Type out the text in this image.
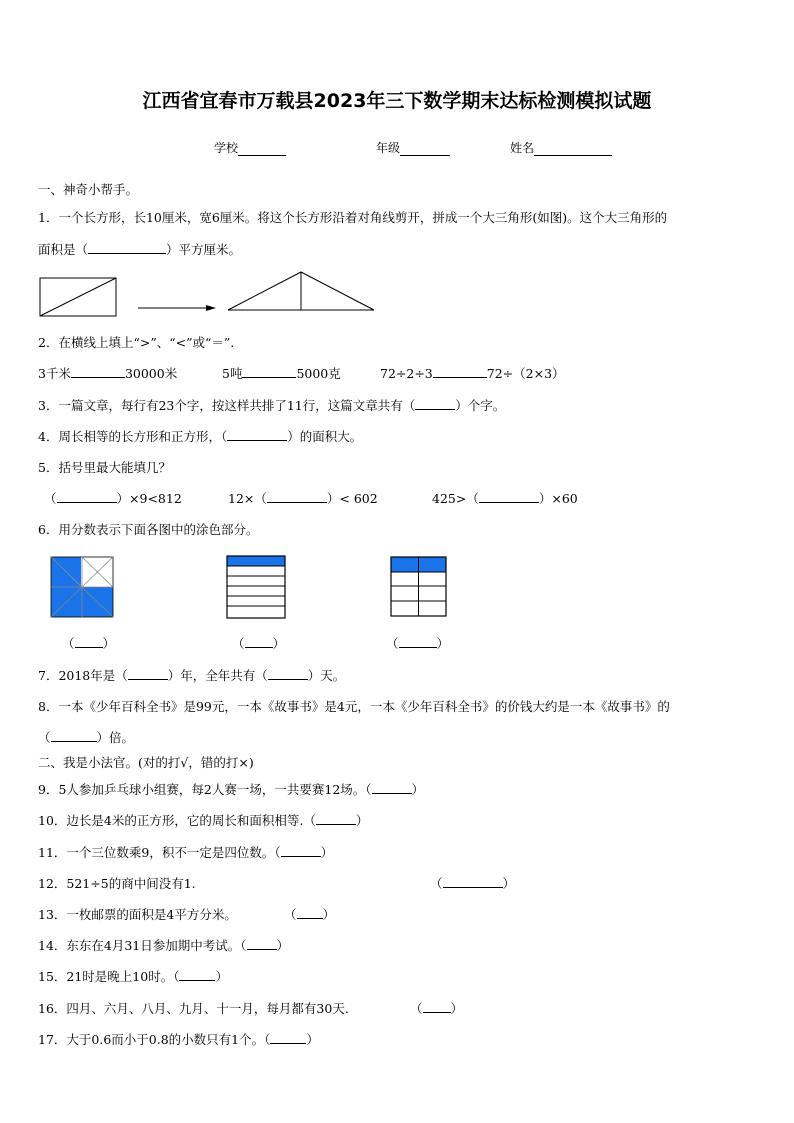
江西省宜春市万载县2023年三下数学期末达标检测模拟试题
学校	年级	姓名
一、神奇小帮手。
1．一个长方形，长10厘米，宽6厘米。将这个长方形沿着对角线剪开，拼成一个大三角形(如图)。这个大三角形的
面积是（	）平方厘米。
2．在横线上填上“>”、“<”或“＝”.
3千米	30000米	5吨	5000克	72÷2÷3	72÷（2×3）
3．一篇文章，每行有23个字，按这样共排了11行，这篇文章共有（	）个字。
4．周长相等的长方形和正方形，（	）的面积大。
5．括号里最大能填几？
（	）×9<812	12×（	）< 602	425>（	）×60
6．用分数表示下面各图中的涂色部分。
（ ）	（ ）	（	）
7．2018年是（	）年，全年共有（	）天。
8．一本《少年百科全书》是99元，一本《故事书》是4元，一本《少年百科全书》的价钱大约是一本《故事书》的
（	）倍。
二、我是小法官。(对的打√，错的打×)
9．5人参加乒乓球小组赛，每2人赛一场，一共要赛12场。（	）
10．边长是4米的正方形，它的周长和面积相等.（	）
11．一个三位数乘9，积不一定是四位数。（	）
12．521÷5的商中间没有1.	（	）
13．一枚邮票的面积是4平方分米。	（ ）
14．东东在4月31日参加期中考试。（ ）
15．21时是晚上10时。（	）
16．四月、六月、八月、九月、十一月，每月都有30天.	（ ）
17．大于0.6而小于0.8的小数只有1个。（	）
